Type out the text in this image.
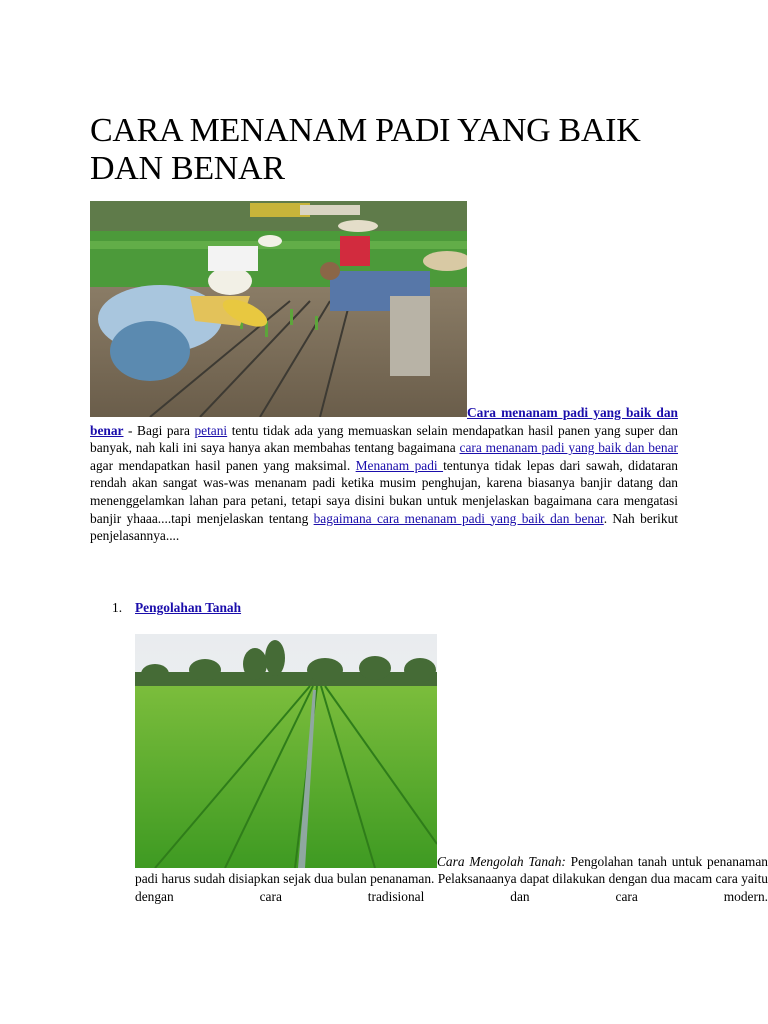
CARA MENANAM PADI YANG BAIK DAN BENAR
Cara menanam padi yang baik dan benar - Bagi para petani tentu tidak ada yang memuaskan selain mendapatkan hasil panen yang super dan banyak, nah kali ini saya hanya akan membahas tentang bagaimana cara menanam padi yang baik dan benar agar mendapatkan hasil panen yang maksimal. Menanam padi tentunya tidak lepas dari sawah, didataran rendah akan sangat was-was menanam padi ketika musim penghujan, karena biasanya banjir datang dan menenggelamkan lahan para petani, tetapi saya disini bukan untuk menjelaskan bagaimana cara mengatasi banjir yhaaa....tapi menjelaskan tentang bagaimana cara menanam padi yang baik dan benar. Nah berikut penjelasannya....
1. Pengolahan Tanah
Cara Mengolah Tanah: Pengolahan tanah untuk penanaman padi harus sudah disiapkan sejak dua bulan penanaman. Pelaksanaanya dapat dilakukan dengan dua macam cara yaitu dengan cara tradisional dan cara modern.
